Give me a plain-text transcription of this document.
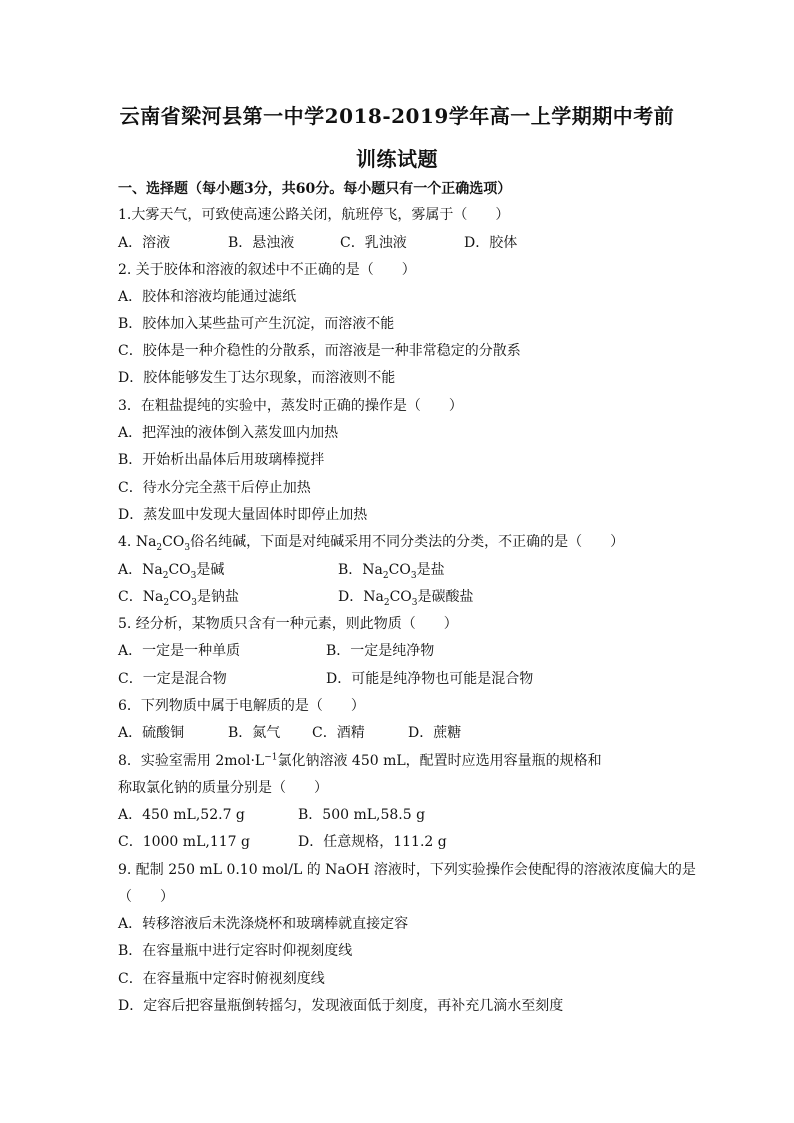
云南省梁河县第一中学2018-2019学年高一上学期期中考前
训练试题
一、选择题（每小题3分，共60分。每小题只有一个正确选项）
1.大雾天气，可致使高速公路关闭，航班停飞，雾属于（　　）
A．溶液	B．悬浊液	C．乳浊液	D．胶体
2. 关于胶体和溶液的叙述中不正确的是（　　）
A．胶体和溶液均能通过滤纸
B．胶体加入某些盐可产生沉淀，而溶液不能
C．胶体是一种介稳性的分散系，而溶液是一种非常稳定的分散系
D．胶体能够发生丁达尔现象，而溶液则不能
3．在粗盐提纯的实验中，蒸发时正确的操作是（　　）
A．把浑浊的液体倒入蒸发皿内加热
B．开始析出晶体后用玻璃棒搅拌
C．待水分完全蒸干后停止加热
D．蒸发皿中发现大量固体时即停止加热
4. $Na_2CO_3$俗名纯碱，下面是对纯碱采用不同分类法的分类，不正确的是（　　）
A．$Na_2CO_3$是碱	B．$Na_2CO_3$是盐
C．$Na_2CO_3$是钠盐	D．$Na_2CO_3$是碳酸盐
5. 经分析，某物质只含有一种元素，则此物质（　　）
A．一定是一种单质	B．一定是纯净物
C．一定是混合物	D．可能是纯净物也可能是混合物
6．下列物质中属于电解质的是（　　）
A．硫酸铜	B．氮气 C．酒精	D．蔗糖
8．实验室需用 $2mol\cdot L^{-1}$氯化钠溶液 450 mL，配置时应选用容量瓶的规格和
称取氯化钠的质量分别是（　　）
A．450 mL,52.7 g	B．500 mL,58.5 g
C．1000 mL,117 g	D．任意规格，111.2 g
9. 配制 250 mL 0.10 mol/L 的 NaOH 溶液时，下列实验操作会使配得的溶液浓度偏大的是
（　　）
A．转移溶液后未洗涤烧杯和玻璃棒就直接定容
B．在容量瓶中进行定容时仰视刻度线
C．在容量瓶中定容时俯视刻度线
D．定容后把容量瓶倒转摇匀，发现液面低于刻度，再补充几滴水至刻度
